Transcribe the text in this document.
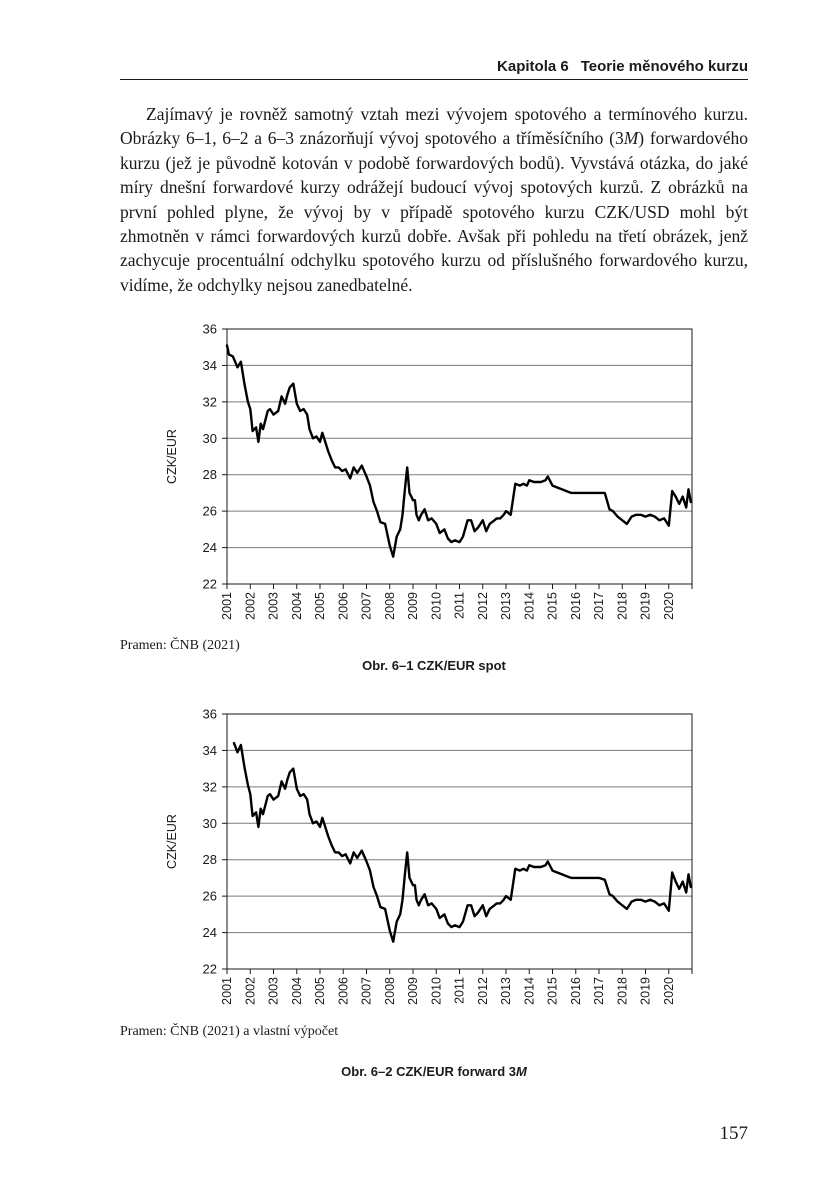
Kapitola 6 Teorie měnového kurzu

Zajímavý je rovněž samotný vztah mezi vývojem spotového a termínového kurzu. Obrázky 6–1, 6–2 a 6–3 znázorňují vývoj spotového a tříměsíčního (3M) forwardového kurzu (jež je původně kotován v podobě forwardových bodů). Vyvstává otázka, do jaké míry dnešní forwardové kurzy odrážejí budoucí vývoj spotových kurzů. Z obrázků na první pohled plyne, že vývoj by v případě spotového kurzu CZK/USD mohl být zhmotněn v rámci forwardových kurzů dobře. Avšak při pohledu na třetí obrázek, jenž zachycuje procentuální odchylku spotového kurzu od příslušného forwardového kurzu, vidíme, že odchylky nejsou zanedbatelné.

22
24
26
28
30
32
34
36
2001 2002 2003 2004 2005 2006 2007 2008 2009 2010 2011 2012 2013 2014 2015 2016 2017 2018 2019 2020
CZK/EUR
Pramen: ČNB (2021)
Obr. 6–1 CZK/EUR spot
22
24
26
28
30
32
34
36
2001 2002 2003 2004 2005 2006 2007 2008 2009 2010 2011 2012 2013 2014 2015 2016 2017 2018 2019 2020
CZK/EUR
Pramen: ČNB (2021) a vlastní výpočet
Obr. 6–2 CZK/EUR forward 3M
157
